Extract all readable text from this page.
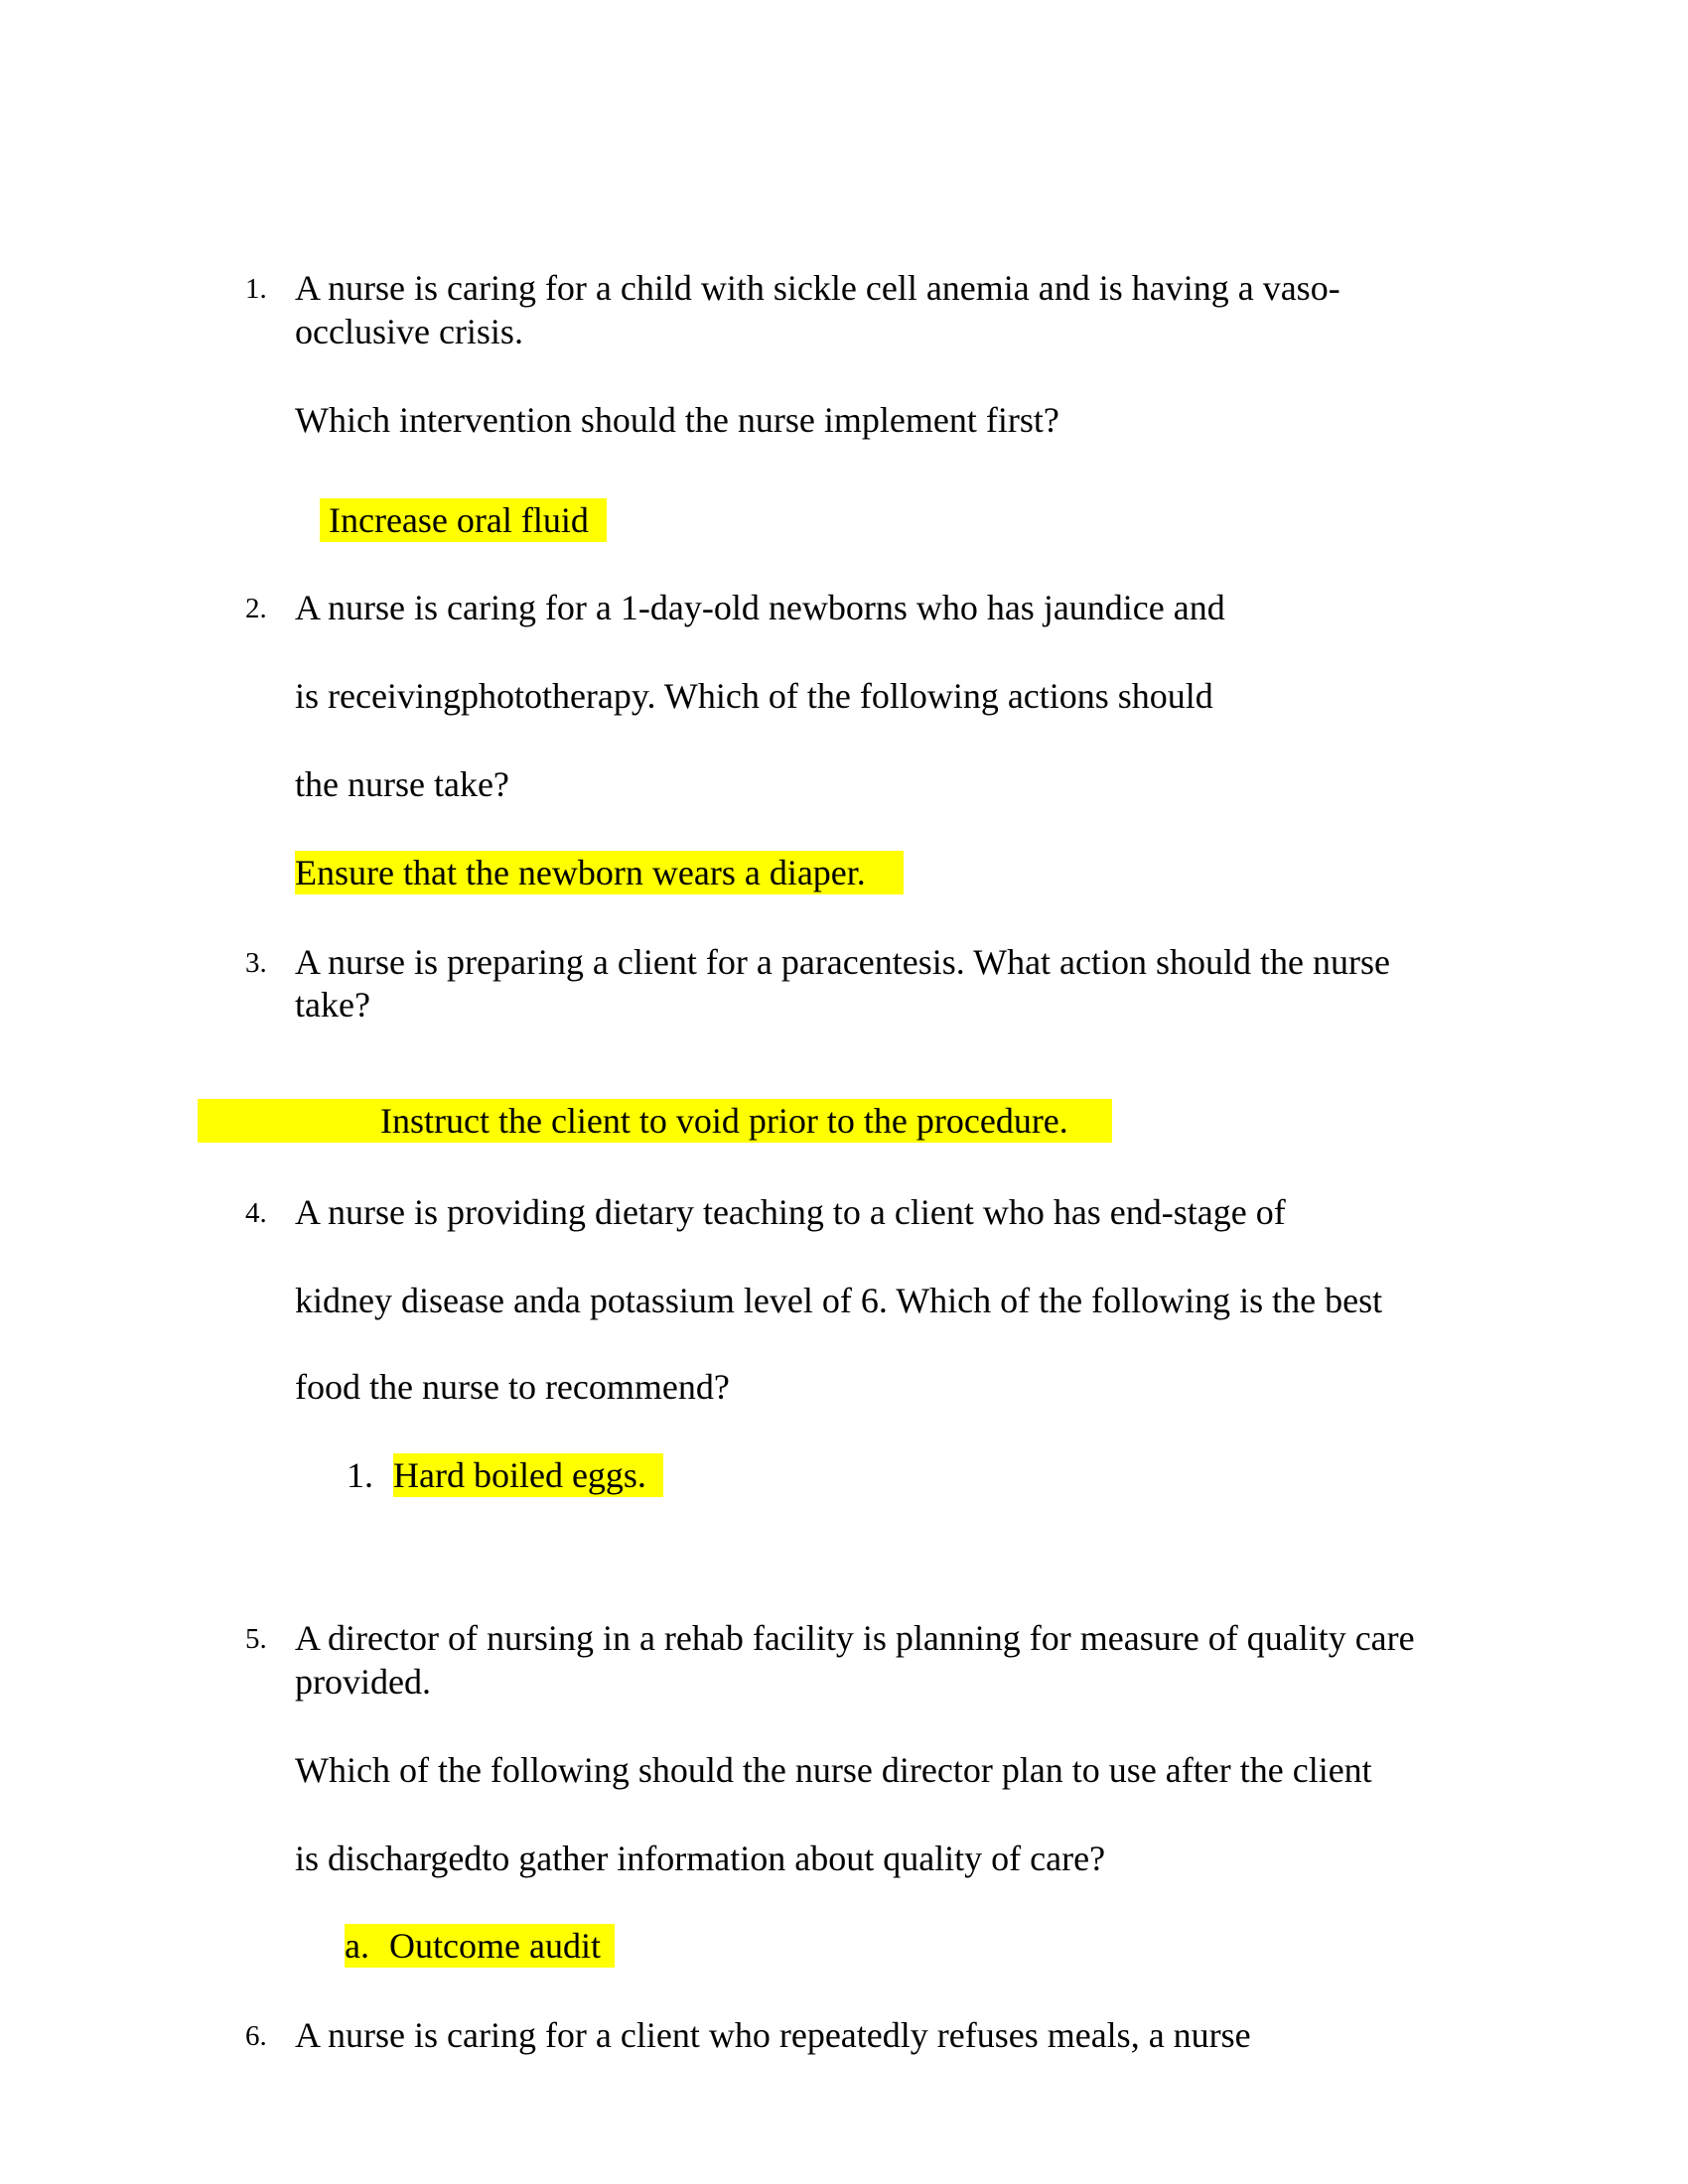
1. A nurse is caring for a child with sickle cell anemia and is having a vaso-
occlusive crisis.
Which intervention should the nurse implement first?
Increase oral fluid
2. A nurse is caring for a 1-day-old newborns who has jaundice and
is receivingphototherapy. Which of the following actions should
the nurse take?
Ensure that the newborn wears a diaper.
3. A nurse is preparing a client for a paracentesis. What action should the nurse
take?
Instruct the client to void prior to the procedure.
4. A nurse is providing dietary teaching to a client who has end-stage of
kidney disease anda potassium level of 6. Which of the following is the best
food the nurse to recommend?
1. Hard boiled eggs.
5. A director of nursing in a rehab facility is planning for measure of quality care
provided.
Which of the following should the nurse director plan to use after the client
is dischargedto gather information about quality of care?
a. Outcome audit
6. A nurse is caring for a client who repeatedly refuses meals, a nurse
